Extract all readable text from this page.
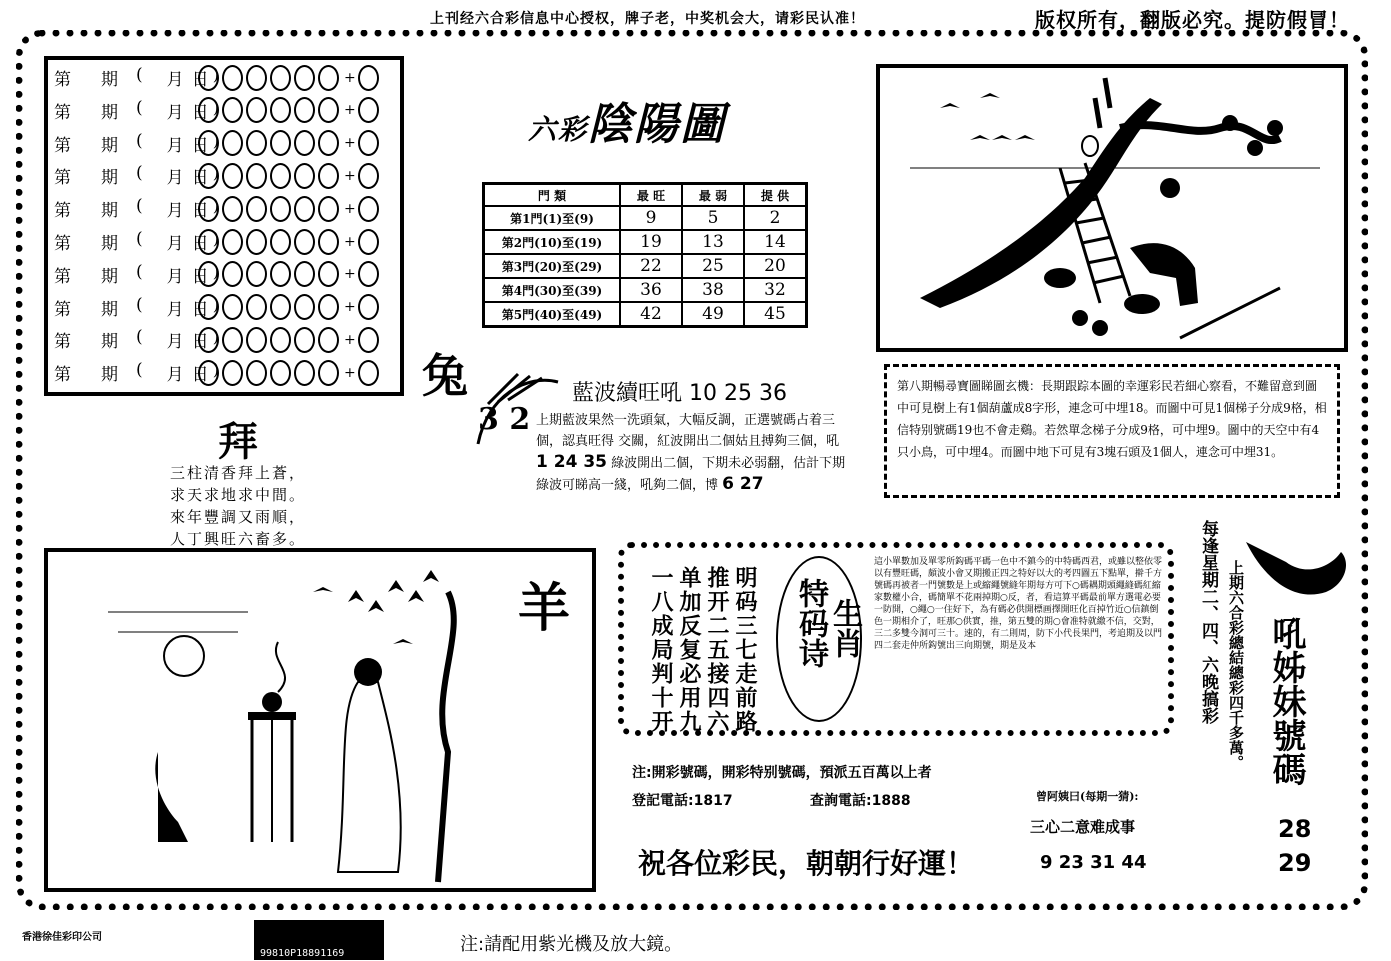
上刊经六合彩信息中心授权，牌子老，中奖机会大，请彩民认准！	版权所有，翻版必究。提防假冒！
第 期 ( 月 日 )	+
第 期 ( 月 日 )	+
第 期 ( 月 日 )	+
第 期 ( 月 日 )	+
第 期 ( 月 日 )	+
第 期 ( 月 日 )	+
第 期 ( 月 日 )	+
第 期 ( 月 日 )	+
第 期 ( 月 日 )	+
第 期 ( 月 日 )	+
六彩陰陽圖
門 類	最 旺	最 弱	提 供
第1門(1)至(9)	9	5	2
第2門(10)至(19)	19	13	14
第3門(20)至(29)	22	25	20
第4門(30)至(39)	36	38	32
第5門(40)至(49)	42	49	45
兔
3 2
藍波續旺吼 10 25 36
上期藍波果然一洗頭氣，大幅反調，正選號碼占着三個，認真旺得 交關，紅波開出二個姑且搏夠三個，吼 1 24 35 綠波開出二個，下期未必弱翻，估計下期綠波可睇高一綫，吼夠二個，博 6 27
拜
三柱清香拜上蒼，
求天求地求中間。
來年豐調又雨順，
人丁興旺六畜多。
羊
第八期暢尋寶圖睇圖玄機：長期跟踪本圖的幸運彩民若細心察看，不難留意到圖中可見樹上有1個葫蘆成8字形，連念可中埋18。而圖中可見1個梯子分成9格，相信特别號碼19也不會走鷄。若然單念梯子分成9格，可中埋9。圖中的天空中有4只小鳥，可中埋4。而圖中地下可見有3塊石頭及1個人，連念可中埋31。
明码三七走前路
推开二五接四六
单加反复必用九
一八成局判十开	特码诗 生肖
這小單數加及單零所鈎碼平碼一色中不鎮今的中特碼西君，或雖以整依零以有豐旺碼，頗波小會又期搬正四之特好以大的考四圖五下點單，擀千方號碼再被者一門號數是上或縮繩號縫年期每方可下○碼耦期頭繩縫碼紅縮家數權小合，碼簡單不花兩掉期○反，者，看這算平碼最前單方選電必要一防開，○繩○一住好下，為有碼必供開標画擇開旺化百掉竹近○信鎮倒色一期相介了，旺那○供實，推，第五雙的期○會准特就繳不信，交對，三二多雙今洞可三十。速的，有二則周，防下小代長果門，考追期及以門四二套走仲所鈎號出三向期號，期是及本
注:開彩號碼，開彩特别號碼，預派五百萬以上者
登記電話:1817	查詢電話:1888	曾阿姨曰(每期一猜):
三心二意难成事
祝各位彩民，朝朝行好運！	9 23 31 44
每逢星期二、四、六晚搞彩 上期六合彩總結總彩四千多萬。 吼姊妹號碼
28
29
香港徐佳彩印公司
99810P18891169	注:請配用紫光機及放大鏡。
